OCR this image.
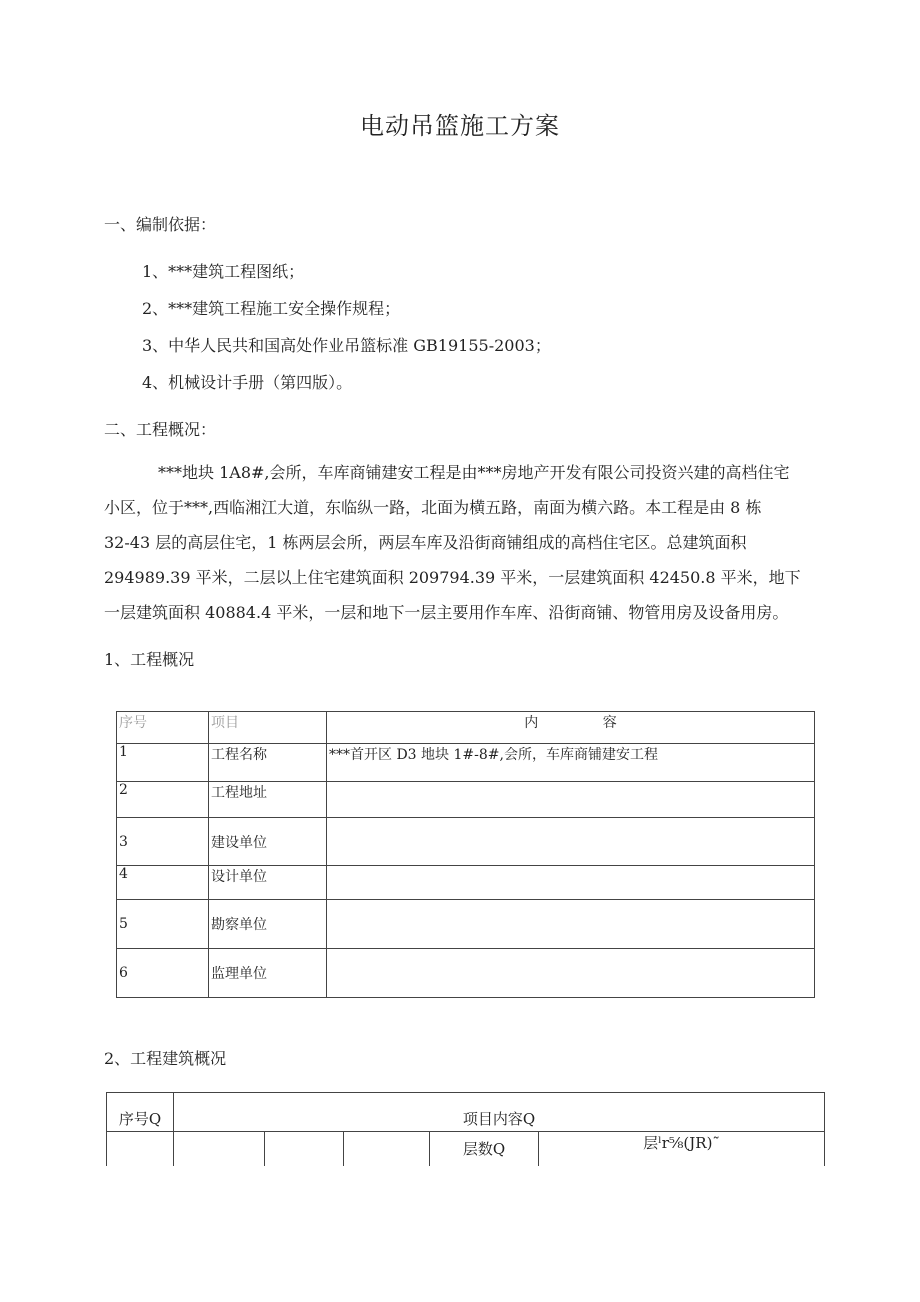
电动吊篮施工方案
一、编制依据：
1、***建筑工程图纸；
2、***建筑工程施工安全操作规程；
3、中华人民共和国高处作业吊篮标准 GB19155-2003；
4、机械设计手册（第四版）。
二、工程概况：
***地块 1A8#,会所，车库商铺建安工程是由***房地产开发有限公司投资兴建的高档住宅
小区，位于***,西临湘江大道，东临纵一路，北面为横五路，南面为横六路。本工程是由 8 栋
32-43 层的高层住宅，1 栋两层会所，两层车库及沿街商铺组成的高档住宅区。总建筑面积
294989.39 平米，二层以上住宅建筑面积 209794.39 平米，一层建筑面积 42450.8 平米，地下
一层建筑面积 40884.4 平米，一层和地下一层主要用作车库、沿街商铺、物管用房及设备用房。
1、工程概况
序号	项目	内 容
1	工程名称	***首开区 D3 地块 1#-8#,会所，车库商铺建安工程
2	工程地址	
3	建设单位	
4	设计单位	
5	勘察单位	
6	监理单位	
2、工程建筑概况
序号Q	项目内容Q				
				层数Q	层ˡr⅝(JR)˜
